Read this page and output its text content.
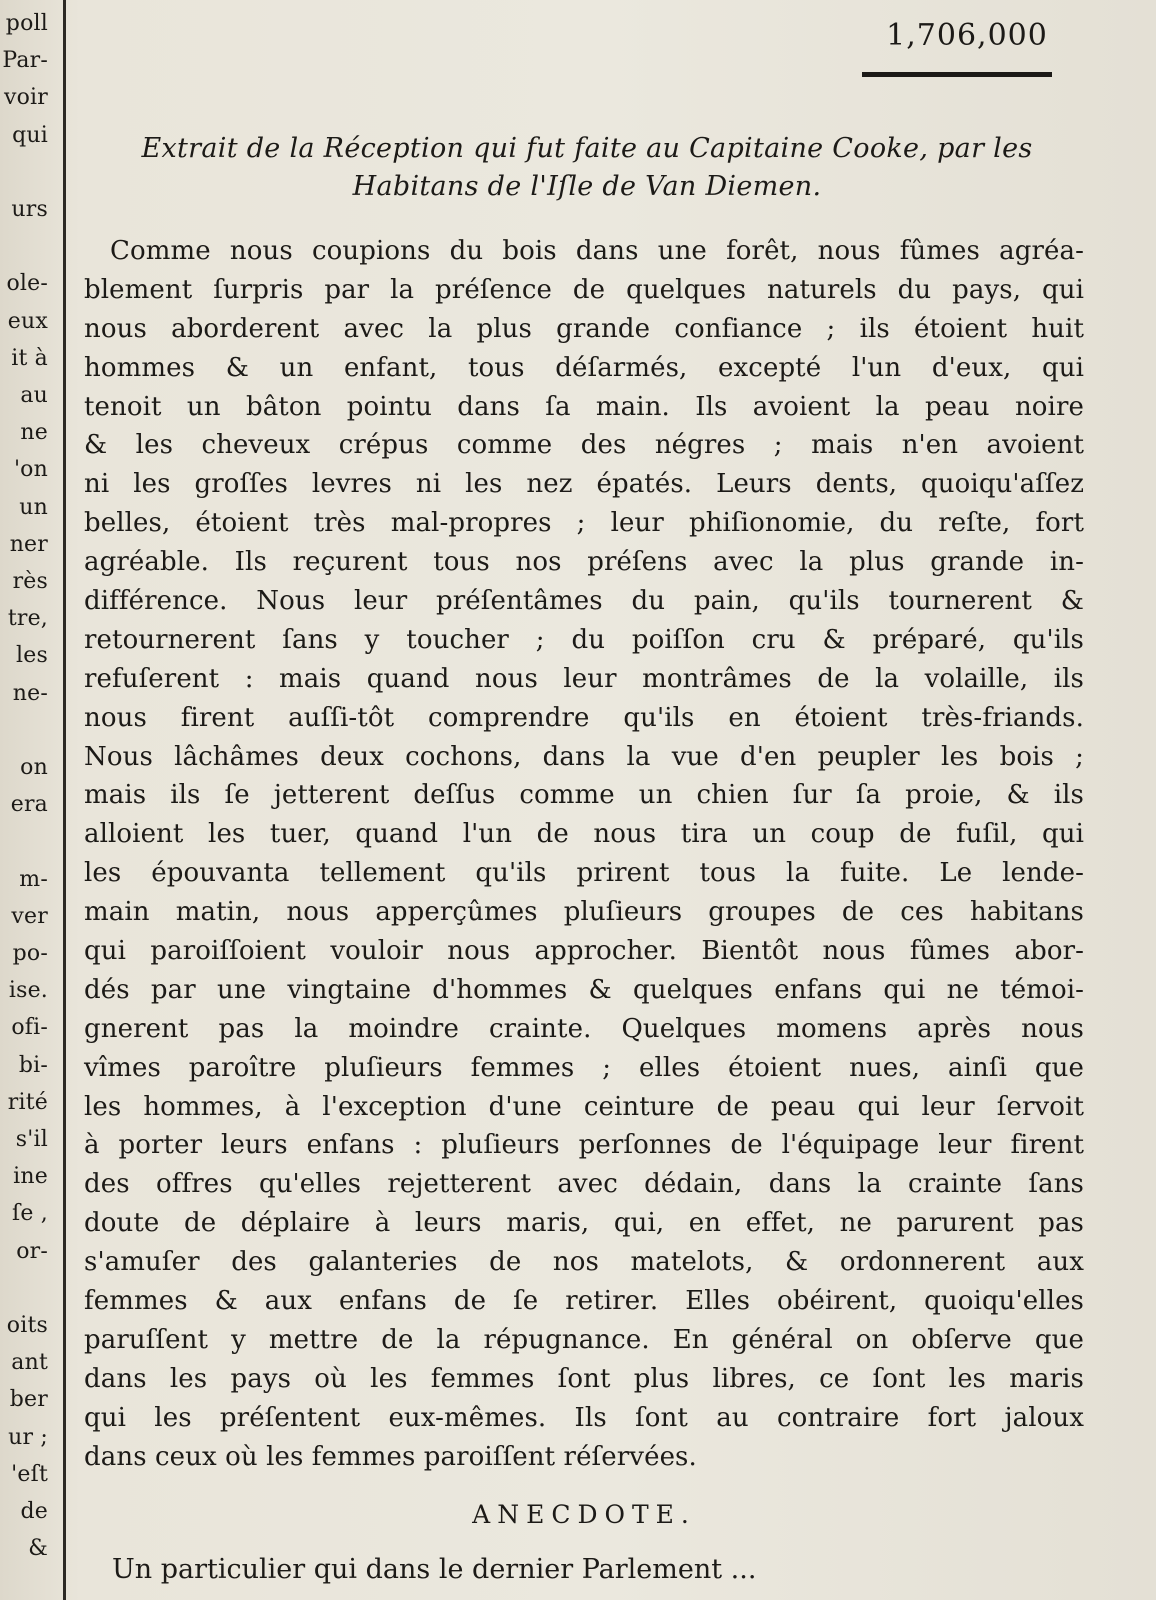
poll
Par-
voir
qui
urs
ole-
eux
it à
au
ne
'on
un
ner
rès
tre,
les
ne-
on
era
m-
ver
po-
ise.
ofi-
bi-
rité
s'il
ine
ſe ,
or-
oits
ant
ber
ur ;
'eſt
de
&
1,706,000
Extrait de la Réception qui fut faite au Capitaine Cooke, par les Habitans de l'Iſle de Van Diemen.
Comme nous coupions du bois dans une forêt, nous fûmes agréa-
blement ſurpris par la préſence de quelques naturels du pays, qui
nous aborderent avec la plus grande confiance ; ils étoient huit
hommes & un enfant, tous déſarmés, excepté l'un d'eux, qui
tenoit un bâton pointu dans ſa main. Ils avoient la peau noire
& les cheveux crépus comme des négres ; mais n'en avoient
ni les groſſes levres ni les nez épatés. Leurs dents, quoiqu'aſſez
belles, étoient très mal-propres ; leur phiſionomie, du reſte, fort
agréable. Ils reçurent tous nos préſens avec la plus grande in-
différence. Nous leur préſentâmes du pain, qu'ils tournerent &
retournerent ſans y toucher ; du poiſſon cru & préparé, qu'ils
refuſerent : mais quand nous leur montrâmes de la volaille, ils
nous firent auſſi-tôt comprendre qu'ils en étoient très-friands.
Nous lâchâmes deux cochons, dans la vue d'en peupler les bois ;
mais ils ſe jetterent deſſus comme un chien ſur ſa proie, & ils
alloient les tuer, quand l'un de nous tira un coup de fuſil, qui
les épouvanta tellement qu'ils prirent tous la fuite. Le lende-
main matin, nous apperçûmes pluſieurs groupes de ces habitans
qui paroiſſoient vouloir nous approcher. Bientôt nous fûmes abor-
dés par une vingtaine d'hommes & quelques enfans qui ne témoi-
gnerent pas la moindre crainte. Quelques momens après nous
vîmes paroître pluſieurs femmes ; elles étoient nues, ainſi que
les hommes, à l'exception d'une ceinture de peau qui leur ſervoit
à porter leurs enfans : pluſieurs perſonnes de l'équipage leur firent
des offres qu'elles rejetterent avec dédain, dans la crainte ſans
doute de déplaire à leurs maris, qui, en effet, ne parurent pas
s'amuſer des galanteries de nos matelots, & ordonnerent aux
femmes & aux enfans de ſe retirer. Elles obéirent, quoiqu'elles
paruſſent y mettre de la répugnance. En général on obſerve que
dans les pays où les femmes ſont plus libres, ce ſont les maris
qui les préſentent eux-mêmes. Ils ſont au contraire fort jaloux
dans ceux où les femmes paroiſſent réſervées.
ANECDOTE.
Un particulier qui dans le dernier Parlement ...
